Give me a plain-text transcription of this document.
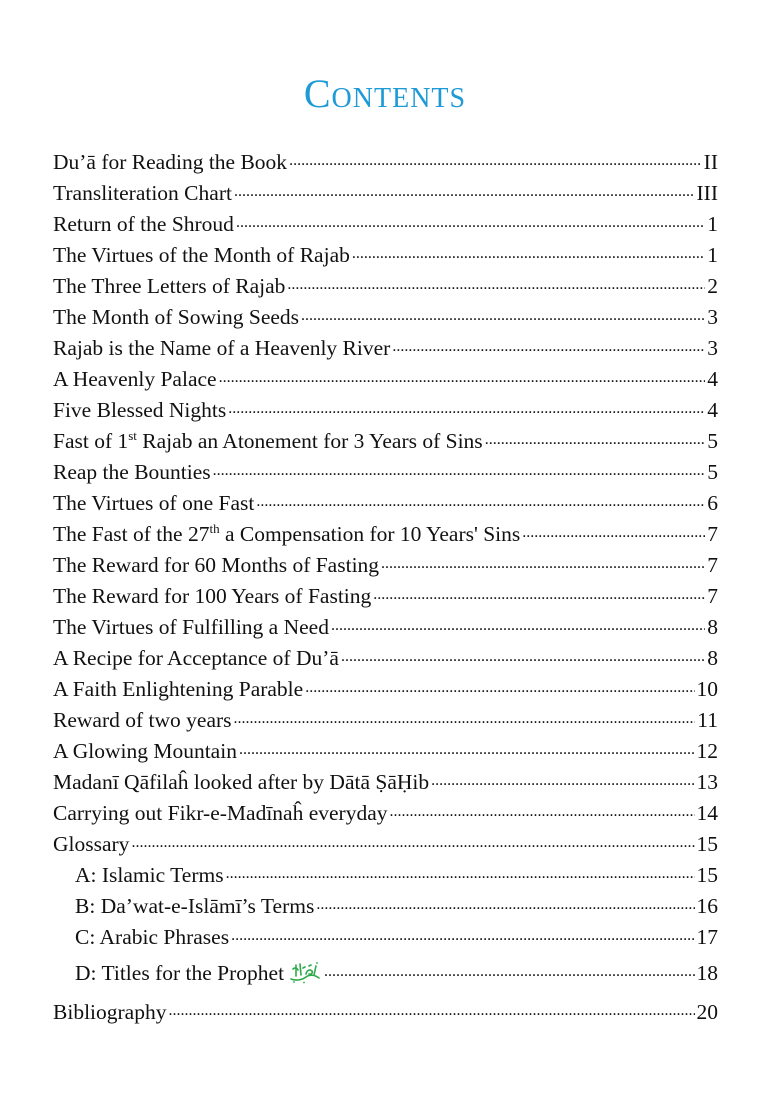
Contents
Du’ā for Reading the Book . . .	II
Transliteration Chart . . .	III
Return of the Shroud . . .	1
The Virtues of the Month of Rajab . . .	1
The Three Letters of Rajab . . .	2
The Month of Sowing Seeds . . .	3
Rajab is the Name of a Heavenly River . . .	3
A Heavenly Palace . . .	4
Five Blessed Nights . . .	4
Fast of 1st Rajab an Atonement for 3 Years of Sins . . .	5
Reap the Bounties . . .	5
The Virtues of one Fast . . .	6
The Fast of the 27th a Compensation for 10 Years' Sins . . .	7
The Reward for 60 Months of Fasting . . .	7
The Reward for 100 Years of Fasting . . .	7
The Virtues of Fulfilling a Need . . .	8
A Recipe for Acceptance of Du’ā . . .	8
A Faith Enlightening Parable . . .	10
Reward of two years . . .	11
A Glowing Mountain . . .	12
Madanī Qāfilaĥ looked after by Dātā ṢāḤib . . .	13
Carrying out Fikr-e-Madīnaĥ everyday . . .	14
Glossary . . .	15
A: Islamic Terms . . .	15
B: Da’wat-e-Islāmī’s Terms . . .	16
C: Arabic Phrases . . .	17
D: Titles for the Prophet . . .	18
Bibliography . . .	20
